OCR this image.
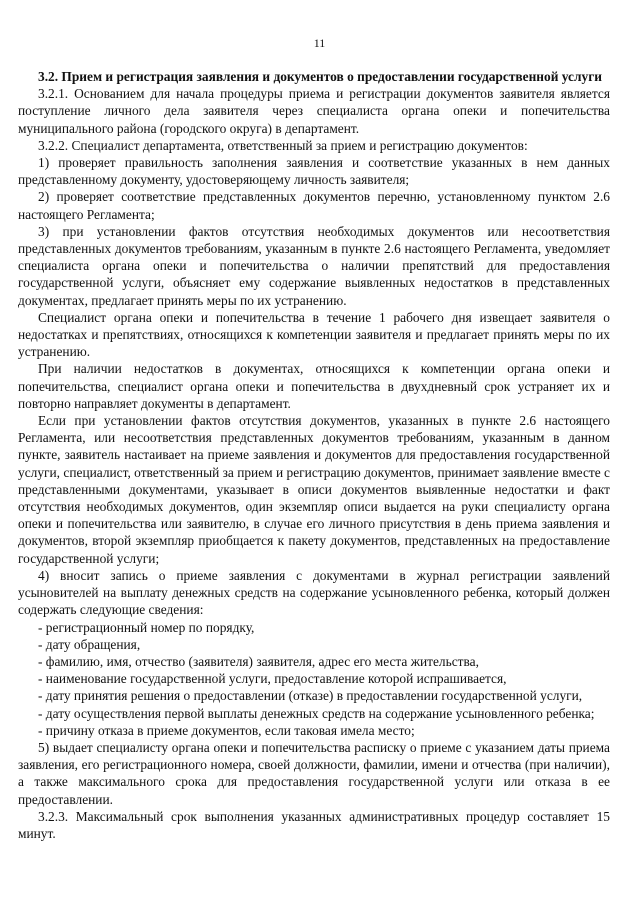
11

3.2. Прием и регистрация заявления и документов о предоставлении государственной услуги

3.2.1. Основанием для начала процедуры приема и регистрации документов заявителя является поступление личного дела заявителя через специалиста органа опеки и попечительства муниципального района (городского округа) в департамент.

3.2.2. Специалист департамента, ответственный за прием и регистрацию документов:

1) проверяет правильность заполнения заявления и соответствие указанных в нем данных представленному документу, удостоверяющему личность заявителя;

2) проверяет соответствие представленных документов перечню, установленному пунктом 2.6 настоящего Регламента;

3) при установлении фактов отсутствия необходимых документов или несоответствия представленных документов требованиям, указанным в пункте 2.6 настоящего Регламента, уведомляет специалиста органа опеки и попечительства о наличии препятствий для предоставления государственной услуги, объясняет ему содержание выявленных недостатков в представленных документах, предлагает принять меры по их устранению.

Специалист органа опеки и попечительства в течение 1 рабочего дня извещает заявителя о недостатках и препятствиях, относящихся к компетенции заявителя и предлагает принять меры по их устранению.

При наличии недостатков в документах, относящихся к компетенции органа опеки и попечительства, специалист органа опеки и попечительства в двухдневный срок устраняет их и повторно направляет документы в департамент.

Если при установлении фактов отсутствия документов, указанных в пункте 2.6 настоящего Регламента, или несоответствия представленных документов требованиям, указанным в данном пункте, заявитель настаивает на приеме заявления и документов для предоставления государственной услуги, специалист, ответственный за прием и регистрацию документов, принимает заявление вместе с представленными документами, указывает в описи документов выявленные недостатки и факт отсутствия необходимых документов, один экземпляр описи выдается на руки специалисту органа опеки и попечительства или заявителю, в случае его личного присутствия в день приема заявления и документов, второй экземпляр приобщается к пакету документов, представленных на предоставление государственной услуги;

4) вносит запись о приеме заявления с документами в журнал регистрации заявлений усыновителей на выплату денежных средств на содержание усыновленного ребенка, который должен содержать следующие сведения:

- регистрационный номер по порядку,

- дату обращения,

- фамилию, имя, отчество (заявителя) заявителя, адрес его места жительства,

- наименование государственной услуги, предоставление которой испрашивается,

- дату принятия решения о предоставлении (отказе) в предоставлении государственной услуги,

- дату осуществления первой выплаты денежных средств на содержание усыновленного ребенка;

- причину отказа в приеме документов, если таковая имела место;

5) выдает специалисту органа опеки и попечительства расписку о приеме с указанием даты приема заявления, его регистрационного номера, своей должности, фамилии, имени и отчества (при наличии), а также максимального срока для предоставления государственной услуги или отказа в ее предоставлении.

3.2.3. Максимальный срок выполнения указанных административных процедур составляет 15 минут.
